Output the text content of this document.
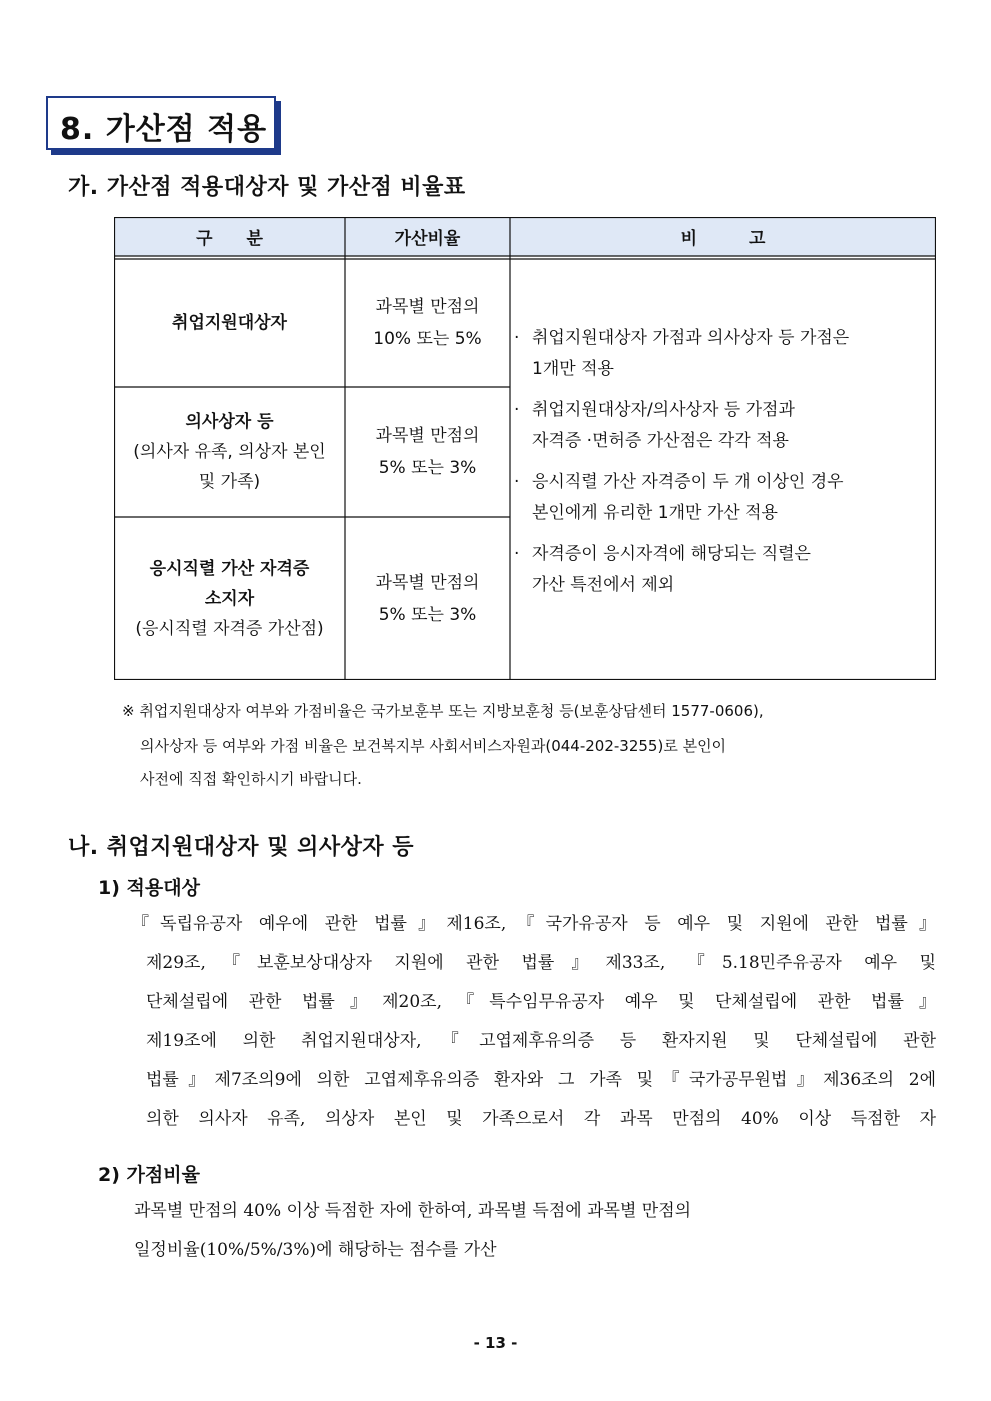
8. 가산점 적용
가. 가산점 적용대상자 및 가산점 비율표
구 분	가산비율	비 고
취업지원대상자
과목별 만점의
10% 또는 5%
의사상자 등
(의사자 유족, 의상자 본인
및 가족)
과목별 만점의
5% 또는 3%
응시직렬 가산 자격증
소지자
(응시직렬 자격증 가산점)
과목별 만점의
5% 또는 3%
· 취업지원대상자 가점과 의사상자 등 가점은
1개만 적용
· 취업지원대상자/의사상자 등 가점과
자격증 ·면허증 가산점은 각각 적용
· 응시직렬 가산 자격증이 두 개 이상인 경우
본인에게 유리한 1개만 가산 적용
· 자격증이 응시자격에 해당되는 직렬은
가산 특전에서 제외
※ 취업지원대상자 여부와 가점비율은 국가보훈부 또는 지방보훈청 등(보훈상담센터 1577-0606),
의사상자 등 여부와 가점 비율은 보건복지부 사회서비스자원과(044-202-3255)로 본인이
사전에 직접 확인하시기 바랍니다.
나. 취업지원대상자 및 의사상자 등
1) 적용대상
『독립유공자 예우에 관한 법률』제16조,『국가유공자 등 예우 및 지원에 관한 법률』
제29조,『보훈보상대상자 지원에 관한 법률』제33조, 『5.18민주유공자 예우 및
단체설립에 관한 법률』제20조,『특수임무유공자 예우 및 단체설립에 관한 법률』
제19조에 의한 취업지원대상자,『고엽제후유의증 등 환자지원 및 단체설립에 관한
법률』제7조의9에 의한 고엽제후유의증 환자와 그 가족 및『국가공무원법』제36조의 2에
의한 의사자 유족, 의상자 본인 및 가족으로서 각 과목 만점의 40% 이상 득점한 자
2) 가점비율
과목별 만점의 40% 이상 득점한 자에 한하여, 과목별 득점에 과목별 만점의
일정비율(10%/5%/3%)에 해당하는 점수를 가산
- 13 -
